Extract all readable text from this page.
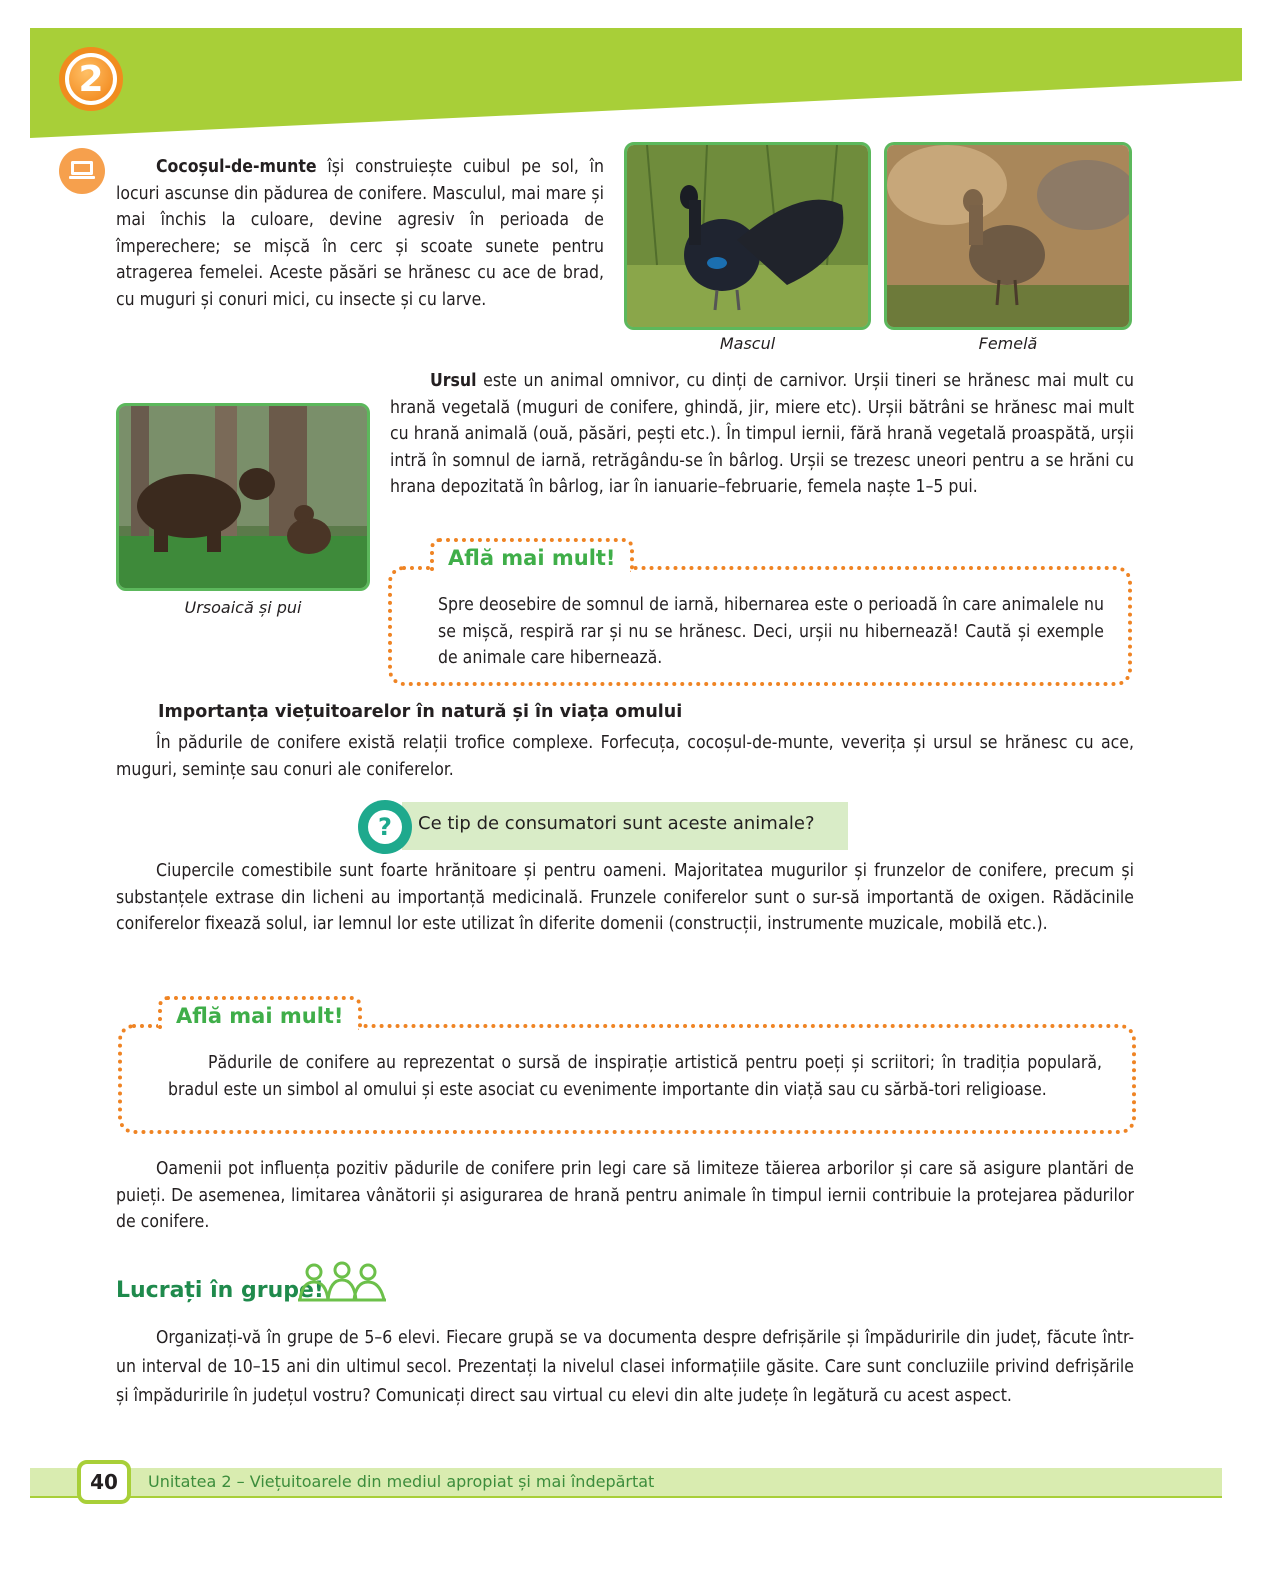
2

Cocoșul-de-munte își construiește cuibul pe sol, în locuri ascunse din pădurea de conifere. Masculul, mai mare și mai închis la culoare, devine agresiv în perioada de împerechere; se mișcă în cerc și scoate sunete pentru atragerea femelei. Aceste păsări se hrănesc cu ace de brad, cu muguri și conuri mici, cu insecte și cu larve.

Mascul	Femelă
Ursoaică și pui

Ursul este un animal omnivor, cu dinți de carnivor. Urșii tineri se hrănesc mai mult cu hrană vegetală (muguri de conifere, ghindă, jir, miere etc). Urșii bătrâni se hrănesc mai mult cu hrană animală (ouă, păsări, pești etc.). În timpul iernii, fără hrană vegetală proaspătă, urșii intră în somnul de iarnă, retrăgându-se în bârlog. Urșii se trezesc uneori pentru a se hrăni cu hrana depozitată în bârlog, iar în ianuarie–februarie, femela naște 1–5 pui.

Spre deosebire de somnul de iarnă, hibernarea este o perioadă în care animalele nu se mișcă, respiră rar și nu se hrănesc. Deci, urșii nu hibernează! Caută și exemple de animale care hibernează.

Află mai mult!
Importanța viețuitoarelor în natură și în viața omului

În pădurile de conifere există relații trofice complexe. Forfecuța, cocoșul-de-munte, veverița și ursul se hrănesc cu ace, muguri, semințe sau conuri ale coniferelor.

Ce tip de consumatori sunt aceste animale?
?

Ciupercile comestibile sunt foarte hrănitoare și pentru oameni. Majoritatea mugurilor și frunzelor de conifere, precum și substanțele extrase din licheni au importanță medicinală. Frunzele coniferelor sunt o sur-să importantă de oxigen. Rădăcinile coniferelor fixează solul, iar lemnul lor este utilizat în diferite domenii (construcții, instrumente muzicale, mobilă etc.).

Pădurile de conifere au reprezentat o sursă de inspirație artistică pentru poeți și scriitori; în tradiția populară, bradul este un simbol al omului și este asociat cu evenimente importante din viață sau cu sărbă-tori religioase.

Află mai mult!

Oamenii pot influența pozitiv pădurile de conifere prin legi care să limiteze tăierea arborilor și care să asigure plantări de puieți. De asemenea, limitarea vânătorii și asigurarea de hrană pentru animale în timpul iernii contribuie la protejarea pădurilor de conifere.

Lucrați în grupe!

Organizați-vă în grupe de 5–6 elevi. Fiecare grupă se va documenta despre defrișările și împăduririle din județ, făcute într-un interval de 10–15 ani din ultimul secol. Prezentați la nivelul clasei informațiile găsite. Care sunt concluziile privind defrișările și împăduririle în județul vostru? Comunicați direct sau virtual cu elevi din alte județe în legătură cu acest aspect.

40 Unitatea 2 – Viețuitoarele din mediul apropiat și mai îndepărtat
